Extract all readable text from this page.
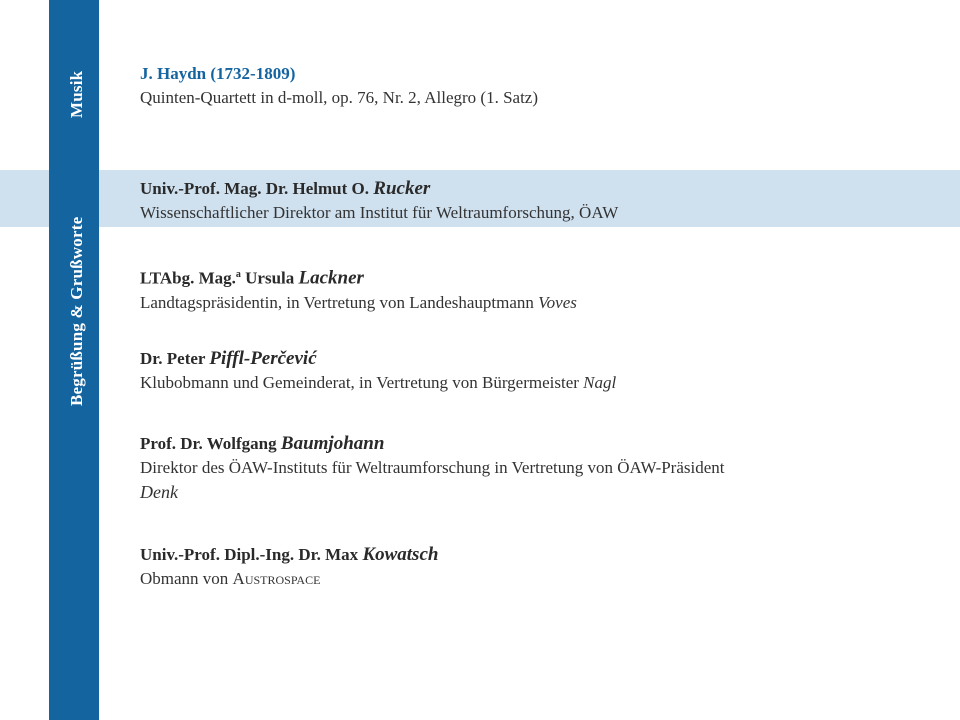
Musik
Begrüßung & Grußworte
J. Haydn (1732-1809)
Quinten-Quartett in d-moll, op. 76, Nr. 2, Allegro (1. Satz)
Univ.-Prof. Mag. Dr. Helmut O. Rucker
Wissenschaftlicher Direktor am Institut für Weltraumforschung, ÖAW
LTAbg. Mag.$^a$ Ursula Lackner
Landtagspräsidentin, in Vertretung von Landeshauptmann Voves
Dr. Peter Piffl-Perčević
Klubobmann und Gemeinderat, in Vertretung von Bürgermeister Nagl
Prof. Dr. Wolfgang Baumjohann
Direktor des ÖAW-Instituts für Weltraumforschung in Vertretung von ÖAW-Präsident
Denk
Univ.-Prof. Dipl.-Ing. Dr. Max Kowatsch
Obmann von Austrospace
